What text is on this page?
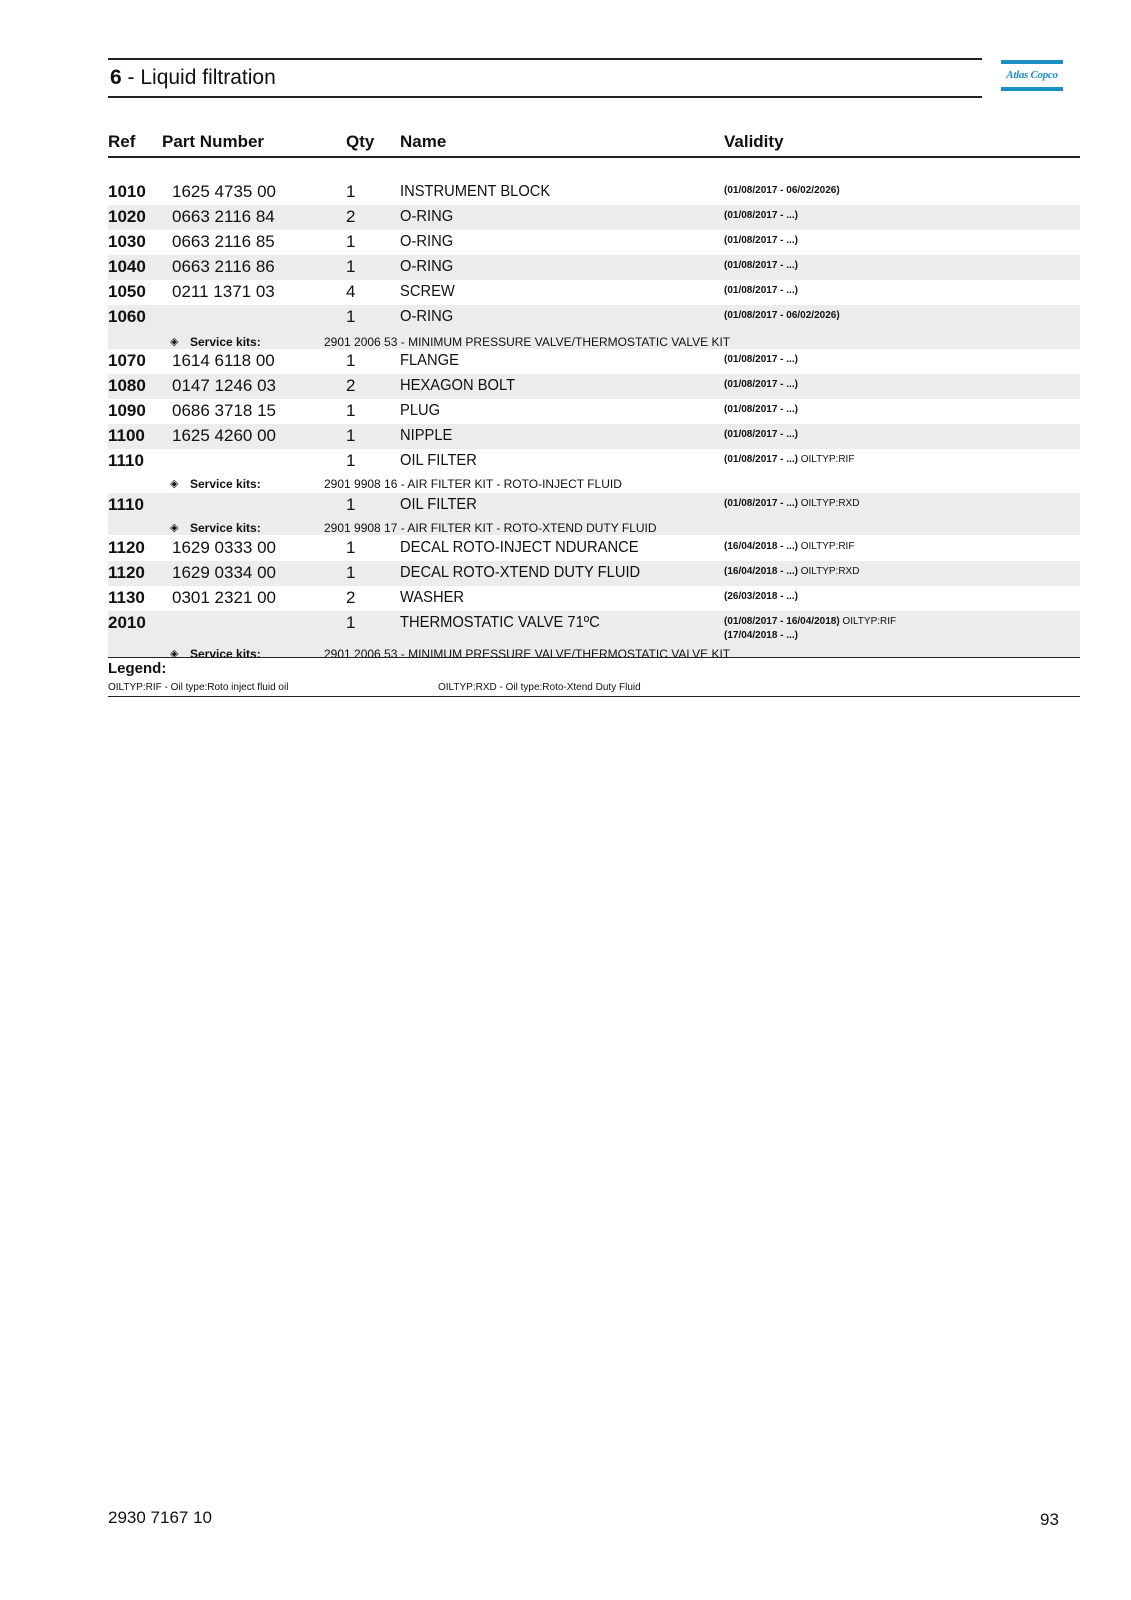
6 - Liquid filtration	Atlas Copco
Ref Part Number	Qty Name	Validity
1010 1625 4735 00	1	INSTRUMENT BLOCK	(01/08/2017 - 06/02/2026)
1020 0663 2116 84	2	O-RING	(01/08/2017 - ...)
1030 0663 2116 85	1	O-RING	(01/08/2017 - ...)
1040 0663 2116 86	1	O-RING	(01/08/2017 - ...)
1050 0211 1371 03	4	SCREW	(01/08/2017 - ...)
1060	1	O-RING	(01/08/2017 - 06/02/2026)
◈ Service kits:	2901 2006 53 - MINIMUM PRESSURE VALVE/THERMOSTATIC VALVE KIT
1070 1614 6118 00	1	FLANGE	(01/08/2017 - ...)
1080 0147 1246 03	2	HEXAGON BOLT	(01/08/2017 - ...)
1090 0686 3718 15	1	PLUG	(01/08/2017 - ...)
1100 1625 4260 00	1	NIPPLE	(01/08/2017 - ...)
1110	1	OIL FILTER	(01/08/2017 - ...) OILTYP:RIF
◈ Service kits:	2901 9908 16 - AIR FILTER KIT - ROTO-INJECT FLUID
1110	1	OIL FILTER	(01/08/2017 - ...) OILTYP:RXD
◈ Service kits:	2901 9908 17 - AIR FILTER KIT - ROTO-XTEND DUTY FLUID
1120 1629 0333 00	1	DECAL ROTO-INJECT NDURANCE	(16/04/2018 - ...) OILTYP:RIF
1120 1629 0334 00	1	DECAL ROTO-XTEND DUTY FLUID	(16/04/2018 - ...) OILTYP:RXD
1130 0301 2321 00	2	WASHER	(26/03/2018 - ...)
2010	1	THERMOSTATIC VALVE 71ºC	(01/08/2017 - 16/04/2018) OILTYP:RIF
(17/04/2018 - ...)
◈ Service kits:	2901 2006 53 - MINIMUM PRESSURE VALVE/THERMOSTATIC VALVE KIT
Legend:
OILTYP:RIF - Oil type:Roto inject fluid oil	OILTYP:RXD - Oil type:Roto-Xtend Duty Fluid
2930 7167 10	93
